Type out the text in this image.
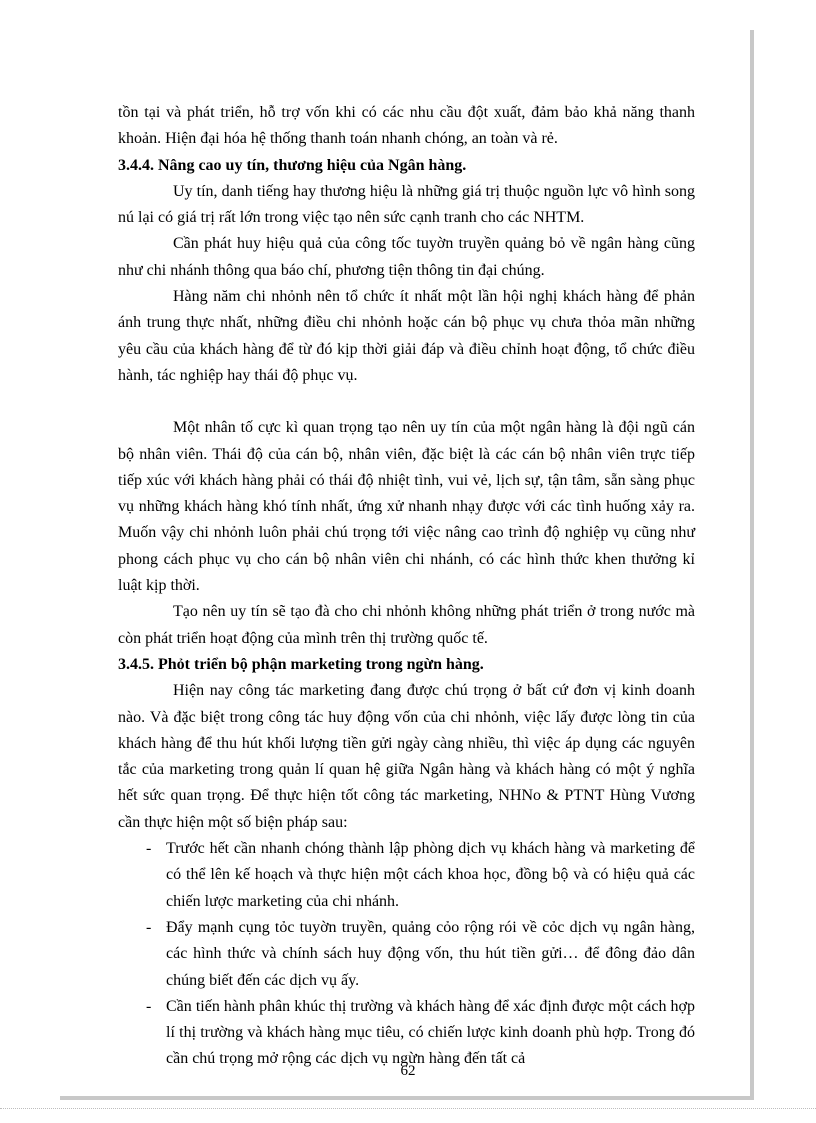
tồn tại và phát triển, hỗ trợ vốn khi có các nhu cầu đột xuất, đảm bảo khả năng thanh khoản. Hiện đại hóa hệ thống thanh toán nhanh chóng, an toàn và rẻ.

3.4.4. Nâng cao uy tín, thương hiệu của Ngân hàng.

Uy tín, danh tiếng hay thương hiệu là những giá trị thuộc nguồn lực vô hình song nú lại có giá trị rất lớn trong việc tạo nên sức cạnh tranh cho các NHTM.

Cần phát huy hiệu quả của công tốc tuyờn truyền quảng bỏ về ngân hàng cũng như chi nhánh thông qua báo chí, phương tiện thông tin đại chúng.

Hàng năm chi nhỏnh nên tổ chức ít nhất một lần hội nghị khách hàng để phản ánh trung thực nhất, những điều chi nhỏnh hoặc cán bộ phục vụ chưa thỏa mãn những yêu cầu của khách hàng để từ đó kịp thời giải đáp và điều chỉnh hoạt động, tổ chức điều hành, tác nghiệp hay thái độ phục vụ.

Một nhân tố cực kì quan trọng tạo nên uy tín của một ngân hàng là đội ngũ cán bộ nhân viên. Thái độ của cán bộ, nhân viên, đặc biệt là các cán bộ nhân viên trực tiếp tiếp xúc với khách hàng phải có thái độ nhiệt tình, vui vẻ, lịch sự, tận tâm, sẵn sàng phục vụ những khách hàng khó tính nhất, ứng xử nhanh nhạy được với các tình huống xảy ra. Muốn vậy chi nhỏnh luôn phải chú trọng tới việc nâng cao trình độ nghiệp vụ cũng như phong cách phục vụ cho cán bộ nhân viên chi nhánh, có các hình thức khen thưởng kỉ luật kịp thời.

Tạo nên uy tín sẽ tạo đà cho chi nhỏnh không những phát triển ở trong nước mà còn phát triển hoạt động của mình trên thị trường quốc tế.

3.4.5. Phỏt triển bộ phận marketing trong ngừn hàng.

Hiện nay công tác marketing đang được chú trọng ở bất cứ đơn vị kinh doanh nào. Và đặc biệt trong công tác huy động vốn của chi nhỏnh, việc lấy được lòng tin của khách hàng để thu hút khối lượng tiền gửi ngày càng nhiều, thì việc áp dụng các nguyên tắc của marketing trong quản lí quan hệ giữa Ngân hàng và khách hàng có một ý nghĩa hết sức quan trọng. Để thực hiện tốt công tác marketing, NHNo & PTNT Hùng Vương cần thực hiện một số biện pháp sau:

- Trước hết cần nhanh chóng thành lập phòng dịch vụ khách hàng và marketing để có thể lên kế hoạch và thực hiện một cách khoa học, đồng bộ và có hiệu quả các chiến lược marketing của chi nhánh.
- Đẩy mạnh cụng tỏc tuyờn truyền, quảng cỏo rộng rói về cỏc dịch vụ ngân hàng, các hình thức và chính sách huy động vốn, thu hút tiền gửi… để đông đảo dân chúng biết đến các dịch vụ ấy.
- Cần tiến hành phân khúc thị trường và khách hàng để xác định được một cách hợp lí thị trường và khách hàng mục tiêu, có chiến lược kinh doanh phù hợp. Trong đó cần chú trọng mở rộng các dịch vụ ngừn hàng đến tất cả
62
